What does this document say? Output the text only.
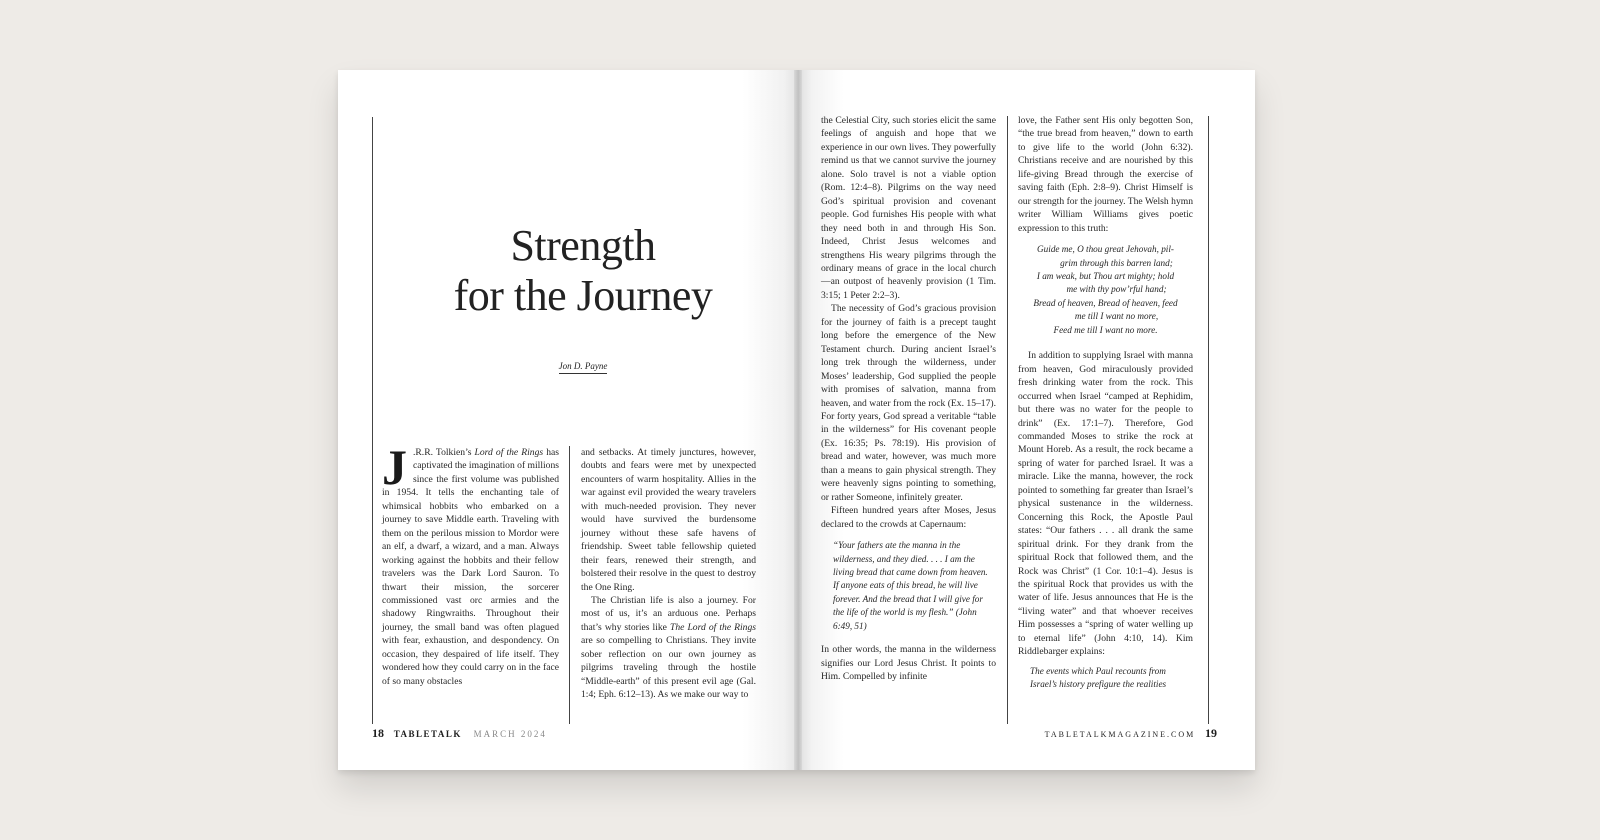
Strength
for the Journey
Jon D. Payne

J .R.R. Tolkien’s Lord of the Rings has captivated the imagination of millions since the first volume was published in 1954. It tells the enchanting tale of whimsical hobbits who embarked on a journey to save Middle earth. Traveling with them on the perilous mission to Mordor were an elf, a dwarf, a wizard, and a man. Always working against the hobbits and their fellow travelers was the Dark Lord Sauron. To thwart their mission, the sorcerer commissioned vast orc armies and the shadowy Ringwraiths. Throughout their journey, the small band was often plagued with fear, exhaustion, and despondency. On occasion, they despaired of life itself. They wondered how they could carry on in the face of so many obstacles

and setbacks. At timely junctures, however, doubts and fears were met by unexpected encounters of warm hospitality. Allies in the war against evil provided the weary travelers with much-needed provision. They never would have survived the burdensome journey without these safe havens of friendship. Sweet table fellowship quieted their fears, renewed their strength, and bolstered their resolve in the quest to destroy the One Ring.

The Christian life is also a journey. For most of us, it’s an arduous one. Perhaps that’s why stories like The Lord of the Rings are so compelling to Christians. They invite sober reflection on our own journey as pilgrims traveling through the hostile “Middle-earth” of this present evil age (Gal. 1:4; Eph. 6:12–13). As we make our way to

18 TABLETALK MARCH 2024

the Celestial City, such stories elicit the same feelings of anguish and hope that we experience in our own lives. They powerfully remind us that we cannot survive the journey alone. Solo travel is not a viable option (Rom. 12:4–8). Pilgrims on the way need God’s spiritual provision and covenant people. God furnishes His people with what they need both in and through His Son. Indeed, Christ Jesus welcomes and strengthens His weary pilgrims through the ordinary means of grace in the local church—an outpost of heavenly provision (1 Tim. 3:15; 1 Peter 2:2–3).

The necessity of God’s gracious provision for the journey of faith is a precept taught long before the emergence of the New Testament church. During ancient Israel’s long trek through the wilderness, under Moses’ leadership, God supplied the people with promises of salvation, manna from heaven, and water from the rock (Ex. 15–17). For forty years, God spread a veritable “table in the wilderness” for His covenant people (Ex. 16:35; Ps. 78:19). His provision of bread and water, however, was much more than a means to gain physical strength. They were heavenly signs pointing to something, or rather Someone, infinitely greater.

Fifteen hundred years after Moses, Jesus declared to the crowds at Capernaum:

“Your fathers ate the manna in the wilderness, and they died. . . . I am the living bread that came down from heaven. If anyone eats of this bread, he will live forever. And the bread that I will give for the life of the world is my flesh.” (John 6:49, 51)

In other words, the manna in the wilderness signifies our Lord Jesus Christ. It points to Him. Compelled by infinite

love, the Father sent His only begotten Son, “the true bread from heaven,” down to earth to give life to the world (John 6:32). Christians receive and are nourished by this life-giving Bread through the exercise of saving faith (Eph. 2:8–9). Christ Himself is our strength for the journey. The Welsh hymn writer William Williams gives poetic expression to this truth:

Guide me, O thou great Jehovah, pil-
grim through this barren land;
I am weak, but Thou art mighty; hold
me with thy pow’rful hand;
Bread of heaven, Bread of heaven, feed
me till I want no more,
Feed me till I want no more.

In addition to supplying Israel with manna from heaven, God miraculously provided fresh drinking water from the rock. This occurred when Israel “camped at Rephidim, but there was no water for the people to drink” (Ex. 17:1–7). Therefore, God commanded Moses to strike the rock at Mount Horeb. As a result, the rock became a spring of water for parched Israel. It was a miracle. Like the manna, however, the rock pointed to something far greater than Israel’s physical sustenance in the wilderness. Concerning this Rock, the Apostle Paul states: “Our fathers . . . all drank the same spiritual drink. For they drank from the spiritual Rock that followed them, and the Rock was Christ” (1 Cor. 10:1–4). Jesus is the spiritual Rock that provides us with the water of life. Jesus announces that He is the “living water” and that whoever receives Him possesses a “spring of water welling up to eternal life” (John 4:10, 14). Kim Riddlebarger explains:

The events which Paul recounts from Israel’s history prefigure the realities
TABLETALKMAGAZINE.COM 19
